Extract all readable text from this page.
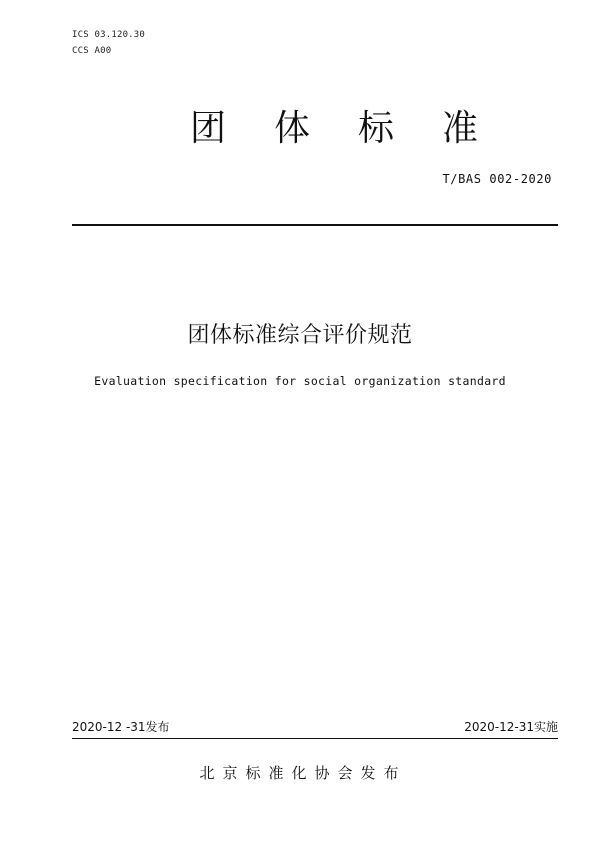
ICS 03.120.30
CCS A00
团体标准
T/BAS 002-2020
团体标准综合评价规范
Evaluation specification for social organization standard
2020-12 -31发布	2020-12-31实施
北京标准化协会发布
